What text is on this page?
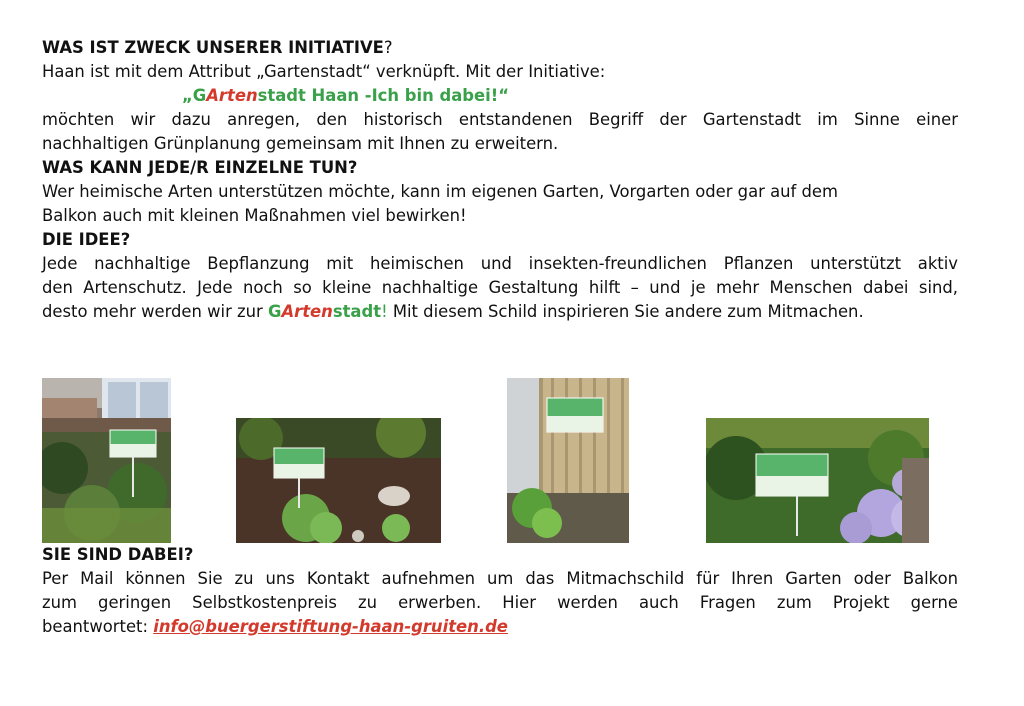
WAS IST ZWECK UNSERER INITIATIVE?
Haan ist mit dem Attribut „Gartenstadt“ verknüpft. Mit der Initiative:
„GArtenstadt Haan -Ich bin dabei!“
möchten wir dazu anregen, den historisch entstandenen Begriff der Gartenstadt im Sinne einer
nachhaltigen Grünplanung gemeinsam mit Ihnen zu erweitern.
WAS KANN JEDE/R EINZELNE TUN?
Wer heimische Arten unterstützen möchte, kann im eigenen Garten, Vorgarten oder gar auf dem
Balkon auch mit kleinen Maßnahmen viel bewirken!
DIE IDEE?
Jede nachhaltige Bepflanzung mit heimischen und insekten-freundlichen Pflanzen unterstützt aktiv
den Artenschutz. Jede noch so kleine nachhaltige Gestaltung hilft – und je mehr Menschen dabei sind,
desto mehr werden wir zur GArtenstadt! Mit diesem Schild inspirieren Sie andere zum Mitmachen.
SIE SIND DABEI?
Per Mail können Sie zu uns Kontakt aufnehmen um das Mitmachschild für Ihren Garten oder Balkon
zum geringen Selbstkostenpreis zu erwerben. Hier werden auch Fragen zum Projekt gerne
beantwortet: info@buergerstiftung-haan-gruiten.de
